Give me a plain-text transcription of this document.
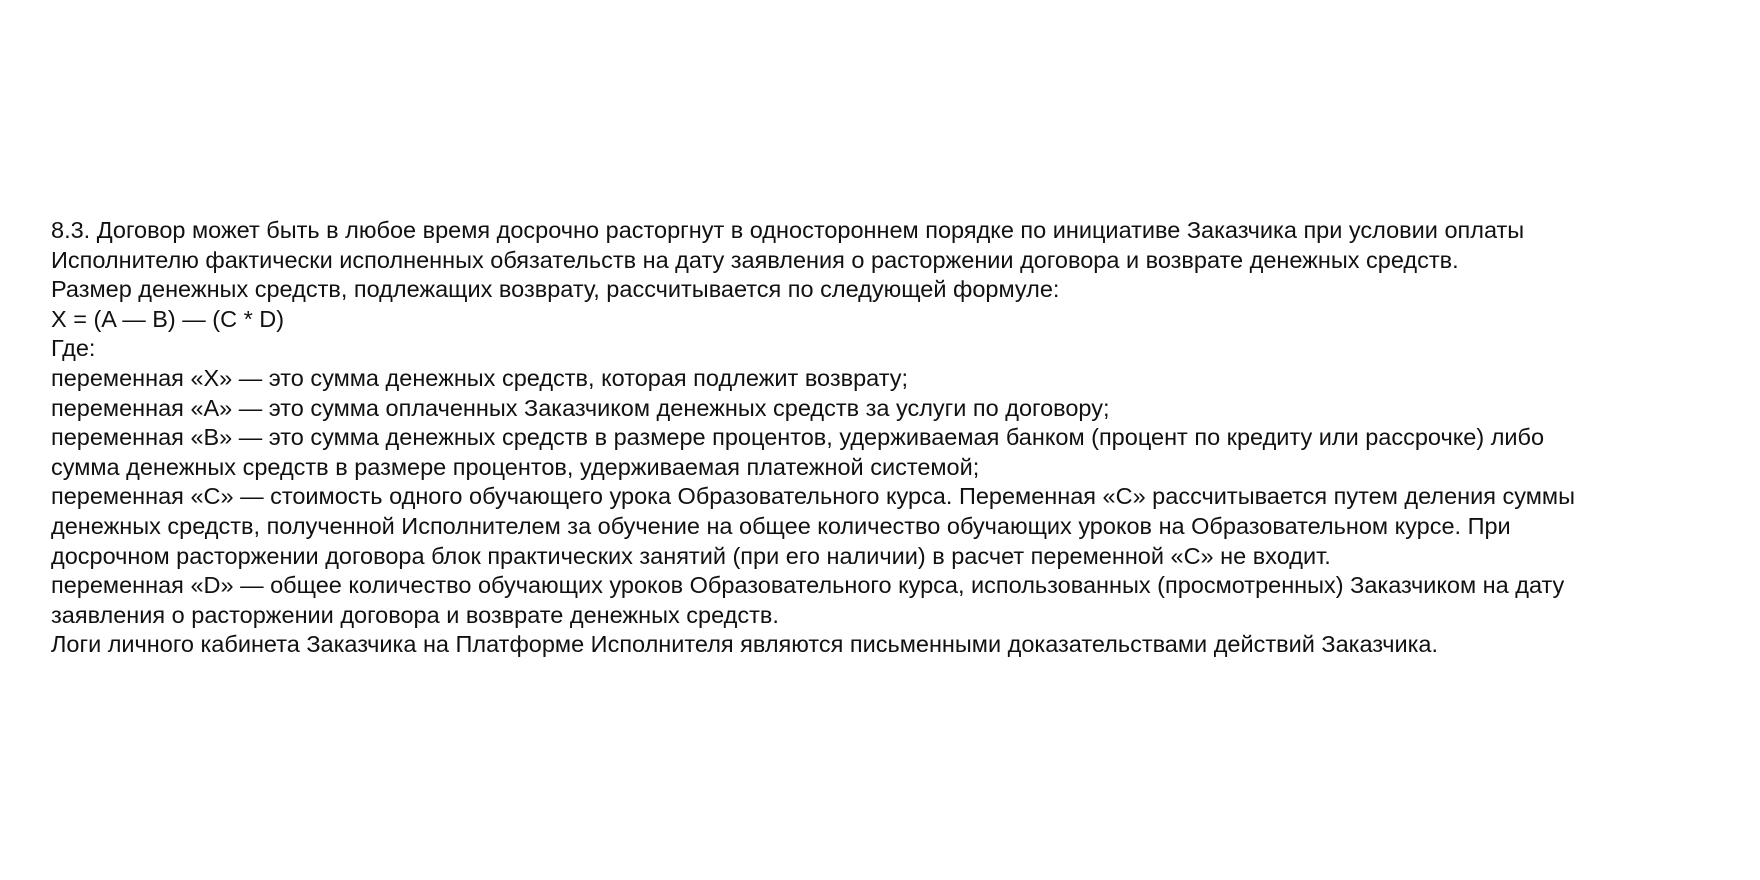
8.3. Договор может быть в любое время досрочно расторгнут в одностороннем порядке по инициативе Заказчика при условии оплаты
Исполнителю фактически исполненных обязательств на дату заявления о расторжении договора и возврате денежных средств.
Размер денежных средств, подлежащих возврату, рассчитывается по следующей формуле:
X = (A — B) — (C * D)
Где:
переменная «X» — это сумма денежных средств, которая подлежит возврату;
переменная «A» — это сумма оплаченных Заказчиком денежных средств за услуги по договору;
переменная «B» — это сумма денежных средств в размере процентов, удерживаемая банком (процент по кредиту или рассрочке) либо
сумма денежных средств в размере процентов, удерживаемая платежной системой;
переменная «C» — стоимость одного обучающего урока Образовательного курса. Переменная «С» рассчитывается путем деления суммы
денежных средств, полученной Исполнителем за обучение на общее количество обучающих уроков на Образовательном курсе. При
досрочном расторжении договора блок практических занятий (при его наличии) в расчет переменной «С» не входит.
переменная «D» — общее количество обучающих уроков Образовательного курса, использованных (просмотренных) Заказчиком на дату
заявления о расторжении договора и возврате денежных средств.
Логи личного кабинета Заказчика на Платформе Исполнителя являются письменными доказательствами действий Заказчика.
